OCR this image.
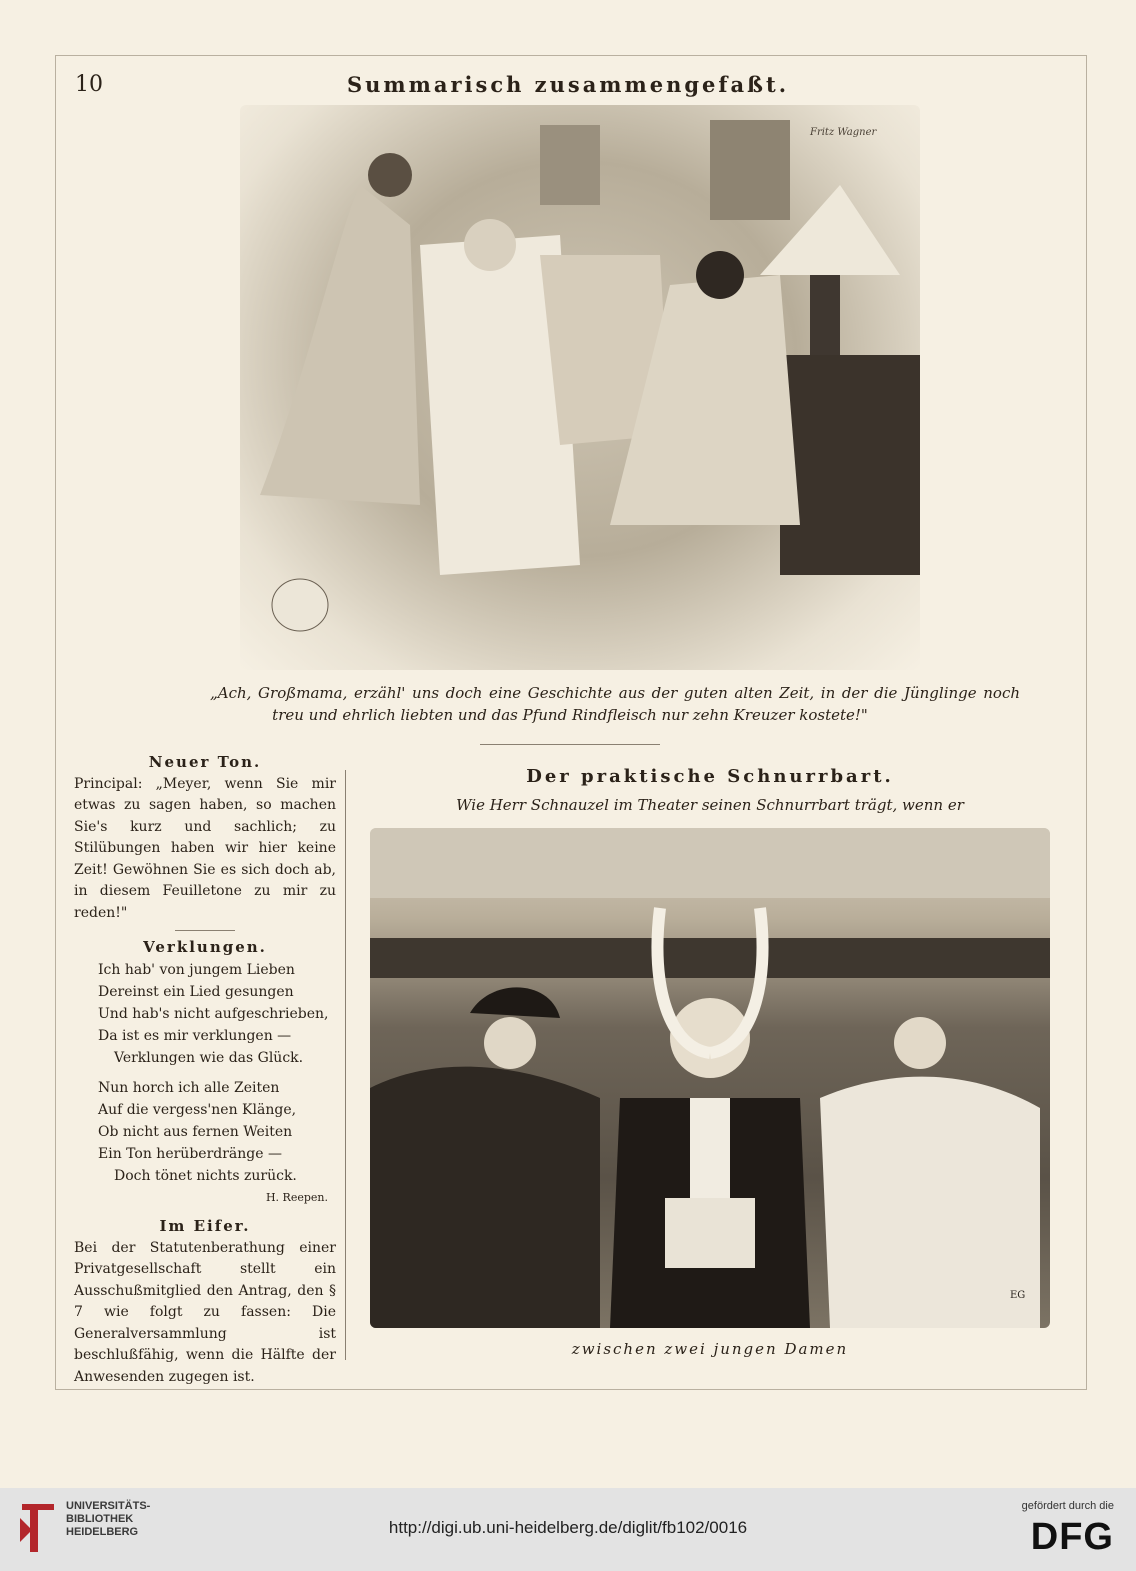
10	Summarisch zusammengefaßt.
Fritz Wagner
„Ach, Großmama, erzähl' uns doch eine Geschichte aus der guten alten Zeit, in der die Jünglinge noch
treu und ehrlich liebten und das Pfund Rindfleisch nur zehn Kreuzer kostete!"

Neuer Ton.

Principal: „Meyer, wenn Sie mir etwas zu sagen haben, so machen Sie's kurz und sachlich; zu Stilübungen haben wir hier keine Zeit! Gewöhnen Sie es sich doch ab, in diesem Feuilletone zu mir zu reden!"

Verklungen.

Ich hab' von jungem Lieben
Dereinst ein Lied gesungen
Und hab's nicht aufgeschrieben,
Da ist es mir verklungen —
Verklungen wie das Glück.
Nun horch ich alle Zeiten
Auf die vergess'nen Klänge,
Ob nicht aus fernen Weiten
Ein Ton herüberdränge —
Doch tönet nichts zurück.
H. Reepen.

Im Eifer.

Bei der Statutenberathung einer Privatgesellschaft stellt ein Ausschußmitglied den Antrag, den § 7 wie folgt zu fassen: Die Generalversammlung ist beschlußfähig, wenn die Hälfte der Anwesenden zugegen ist.

Der praktische Schnurrbart.
Wie Herr Schnauzel im Theater seinen Schnurrbart trägt, wenn er
EG
zwischen zwei jungen Damen
UNIVERSITÄTS-
BIBLIOTHEK
HEIDELBERG	http://digi.ub.uni-heidelberg.de/diglit/fb102/0016
gefördert durch die
DFG
